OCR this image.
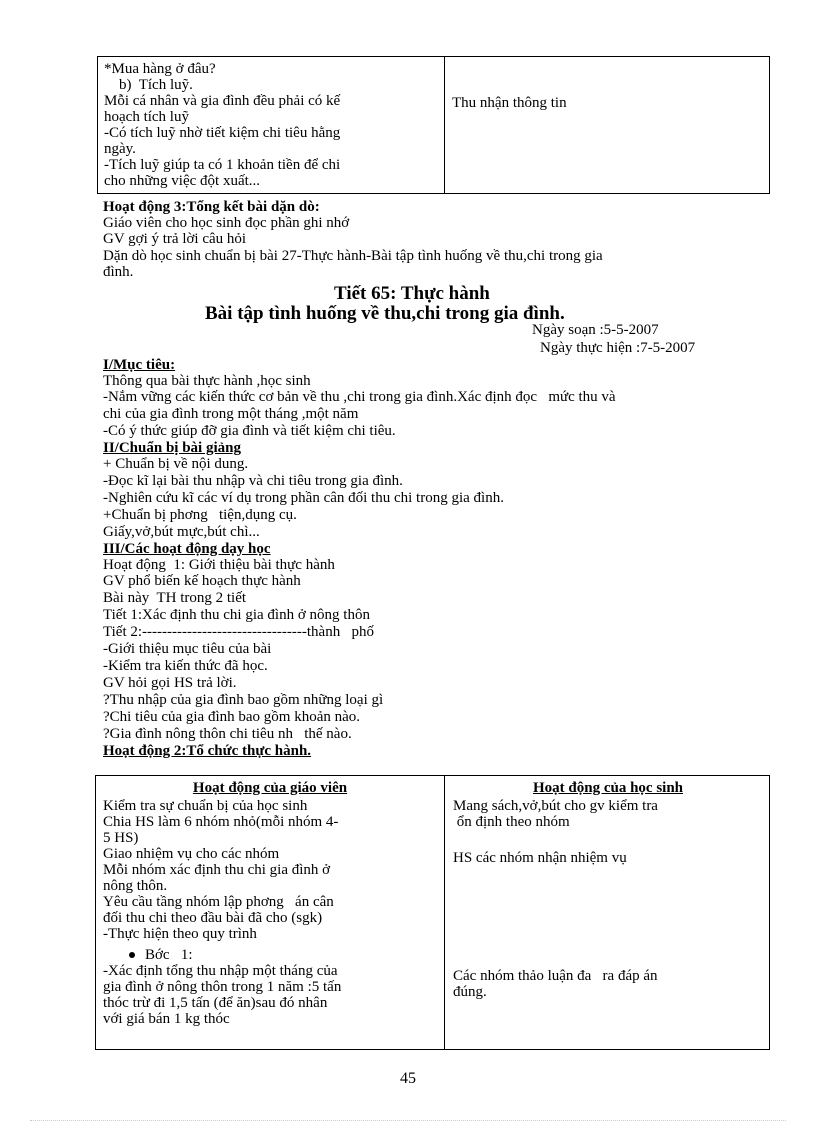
*Mua hàng ở đâu?
b)  Tích luỹ.
Mỗi cá nhân và gia đình đều phải có kế
hoạch tích luỹ
-Có tích luỹ nhờ tiết kiệm chi tiêu hằng
ngày.
-Tích luỹ giúp ta có 1 khoản tiền để chi
cho những việc đột xuất...
Thu nhận thông tin
Hoạt động 3:Tổng kết bài dặn dò:
Giáo viên cho học sinh đọc phần ghi nhớ
GV gợi ý trả lời câu hỏi
Dặn dò học sinh chuẩn bị bài 27-Thực hành-Bài tập tình huống về thu,chi trong gia
đình.
Tiết 65: Thực hành
Bài tập tình huống về thu,chi trong gia đình.
Ngày soạn :5-5-2007
Ngày thực hiện :7-5-2007
I/Mục tiêu:
Thông qua bài thực hành ,học sinh
-Nắm vững các kiến thức cơ bản về thu ,chi trong gia đình.Xác định đọc   mức thu và
chi của gia đình trong một tháng ,một năm
-Có ý thức giúp đỡ gia đình và tiết kiệm chi tiêu.
II/Chuẩn bị bài giảng
+ Chuẩn bị về nội dung.
-Đọc kĩ lại bài thu nhập và chi tiêu trong gia đình.
-Nghiên cứu kĩ các ví dụ trong phần cân đối thu chi trong gia đình.
+Chuẩn bị phơng   tiện,dụng cụ.
Giấy,vở,bút mực,bút chì...
III/Các hoạt động dạy học
Hoạt động  1: Giới thiệu bài thực hành
GV phổ biến kế hoạch thực hành
Bài này  TH trong 2 tiết
Tiết 1:Xác định thu chi gia đình ở nông thôn
Tiết 2:---------------------------------thành   phố
-Giới thiệu mục tiêu của bài
-Kiểm tra kiến thức đã học.
GV hỏi gọi HS trả lời.
?Thu nhập của gia đình bao gồm những loại gì
?Chi tiêu của gia đình bao gồm khoản nào.
?Gia đình nông thôn chi tiêu nh   thế nào.
Hoạt động 2:Tổ chức thực hành.
Hoạt động của giáo viên	Hoạt động của học sinh
Kiểm tra sự chuẩn bị của học sinh
Chia HS làm 6 nhóm nhỏ(mỗi nhóm 4-
5 HS)
Giao nhiệm vụ cho các nhóm
Mỗi nhóm xác định thu chi gia đình ở
nông thôn.
Yêu cầu tầng nhóm lập phơng   án cân
đối thu chi theo đầu bài đã cho (sgk)
-Thực hiện theo quy trình
Bớc   1:
-Xác định tổng thu nhập một tháng của
gia đình ở nông thôn trong 1 năm :5 tấn
thóc trừ đi 1,5 tấn (để ăn)sau đó nhân
với giá bán 1 kg thóc
Mang sách,vở,bút cho gv kiểm tra
ổn định theo nhóm
HS các nhóm nhận nhiệm vụ
Các nhóm thảo luận đa   ra đáp án
đúng.
45
